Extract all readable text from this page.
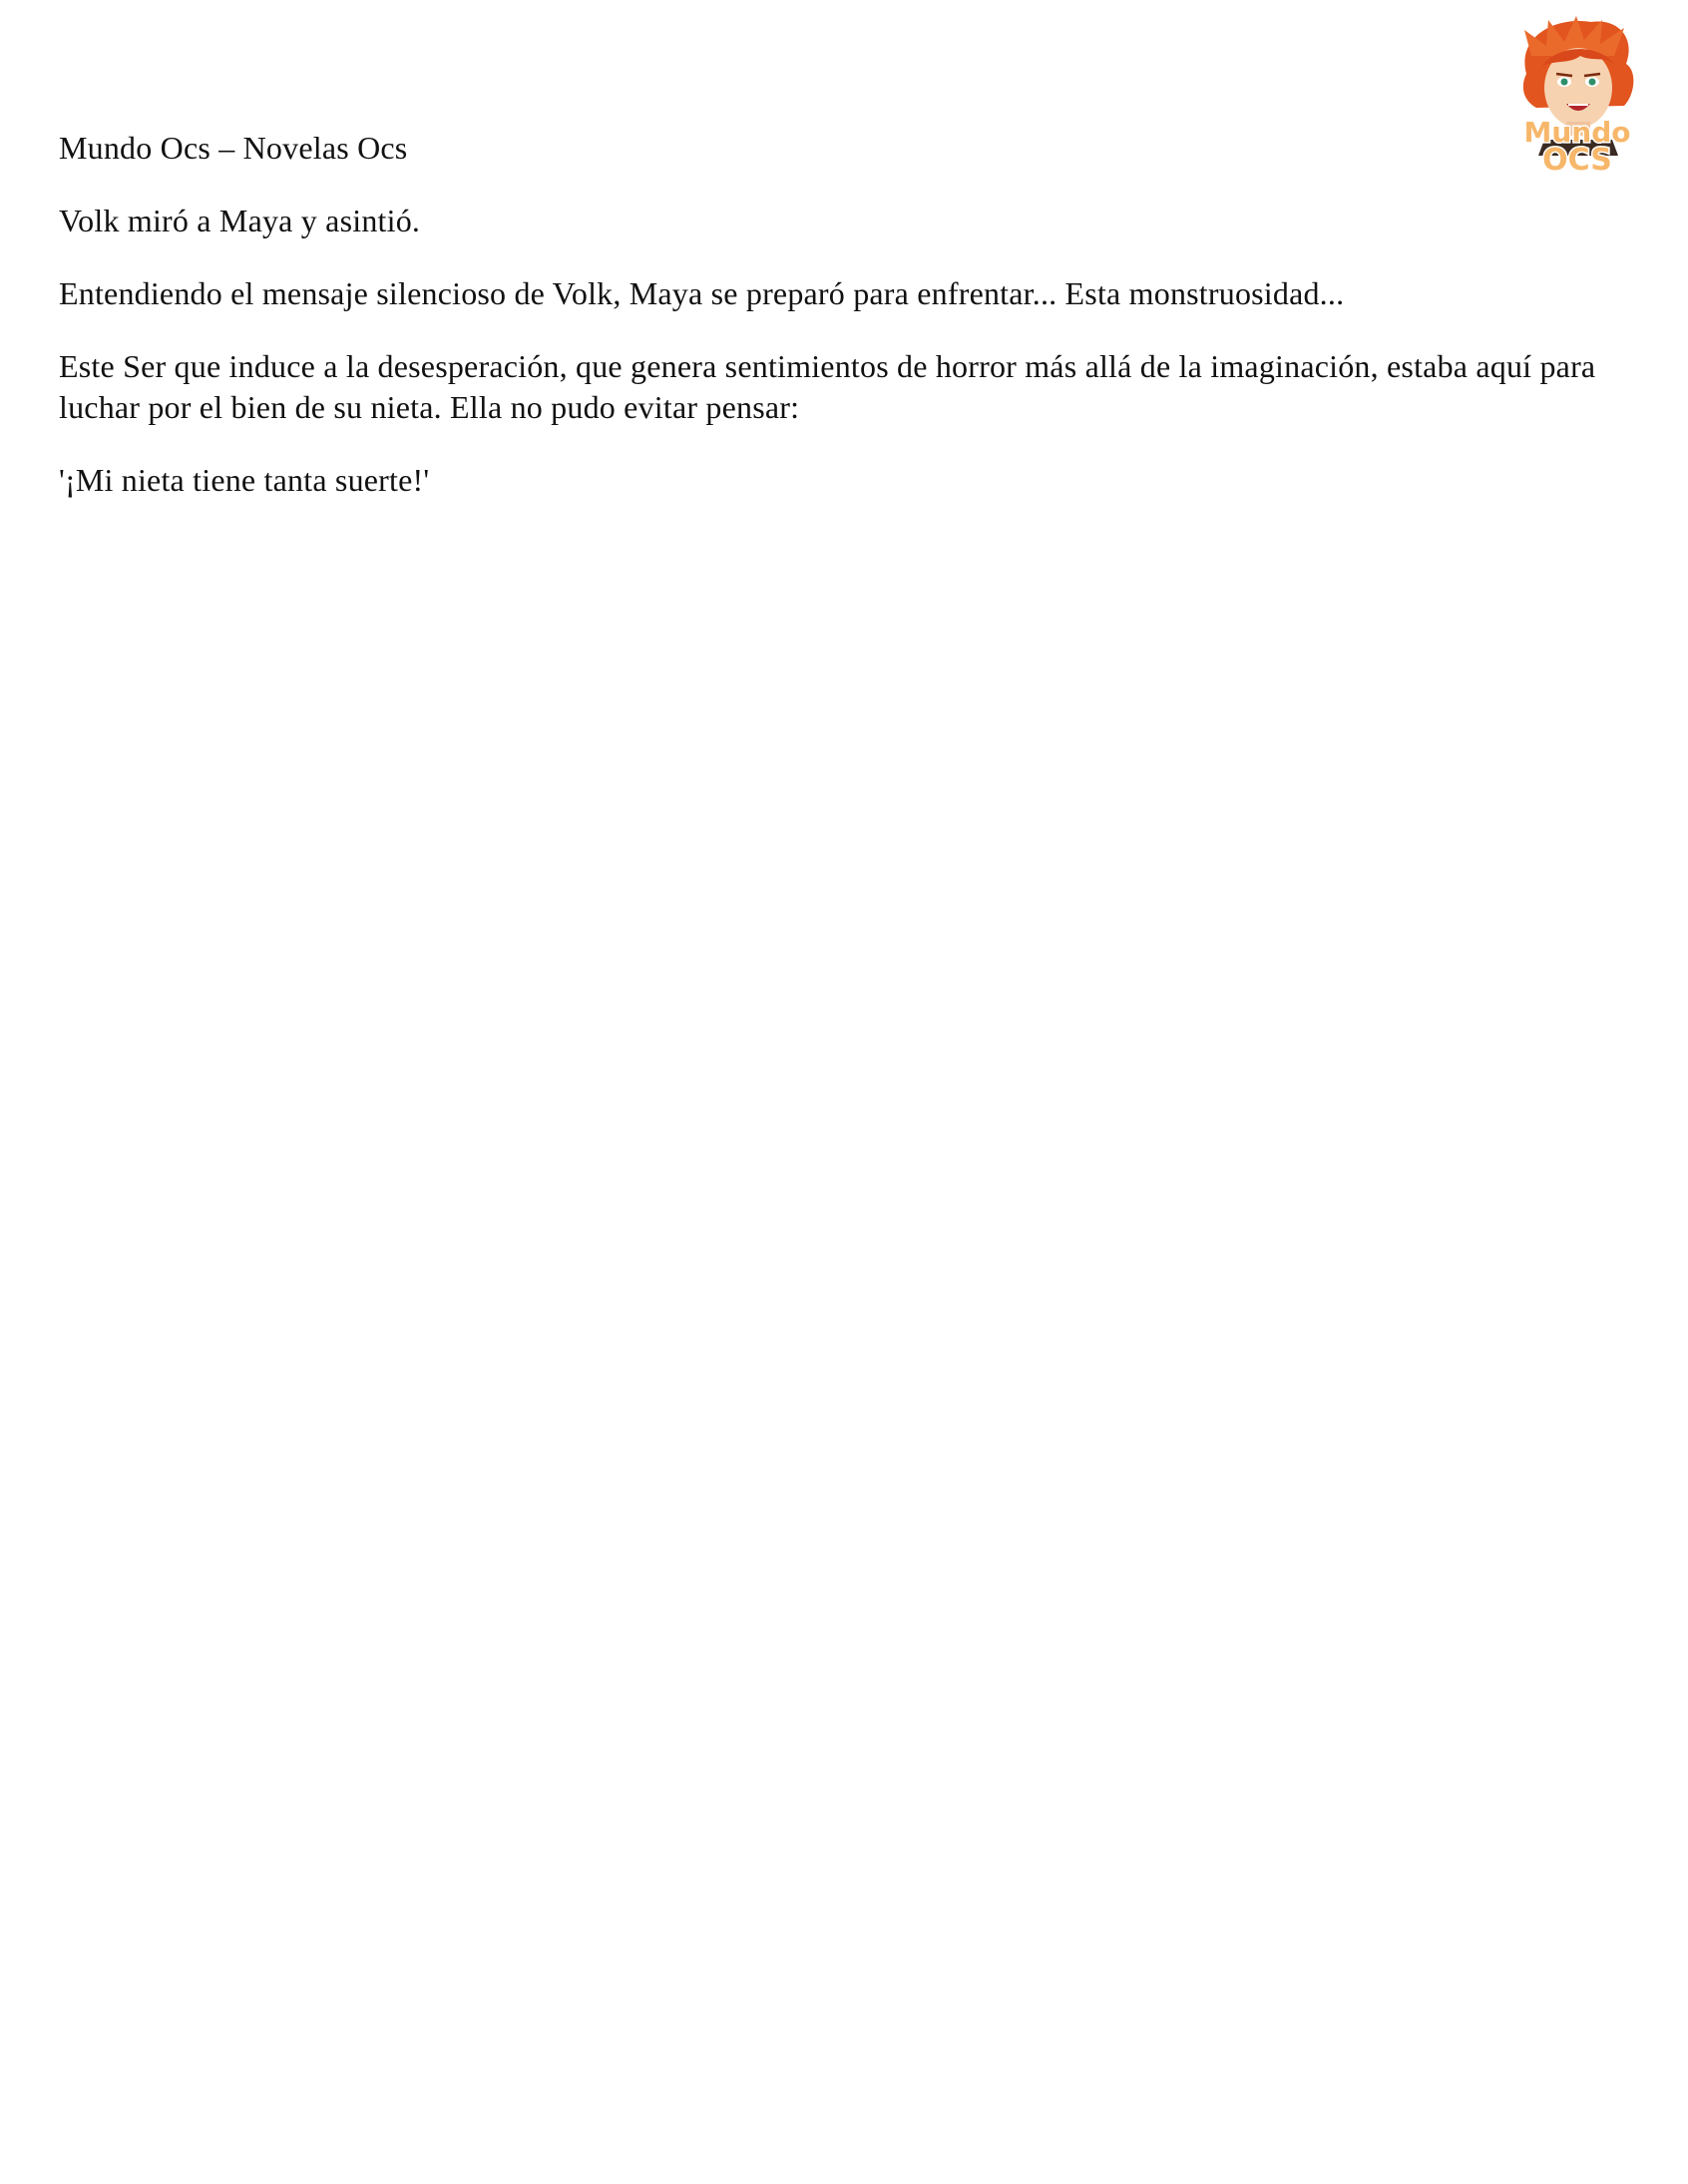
Mundo
OCS

Mundo Ocs – Novelas Ocs

Volk miró a Maya y asintió.

Entendiendo el mensaje silencioso de Volk, Maya se preparó para enfrentar... Esta monstruosidad...

Este Ser que induce a la desesperación, que genera sentimientos de horror más allá de la imaginación, estaba aquí para luchar por el bien de su nieta. Ella no pudo evitar pensar:

'¡Mi nieta tiene tanta suerte!'
